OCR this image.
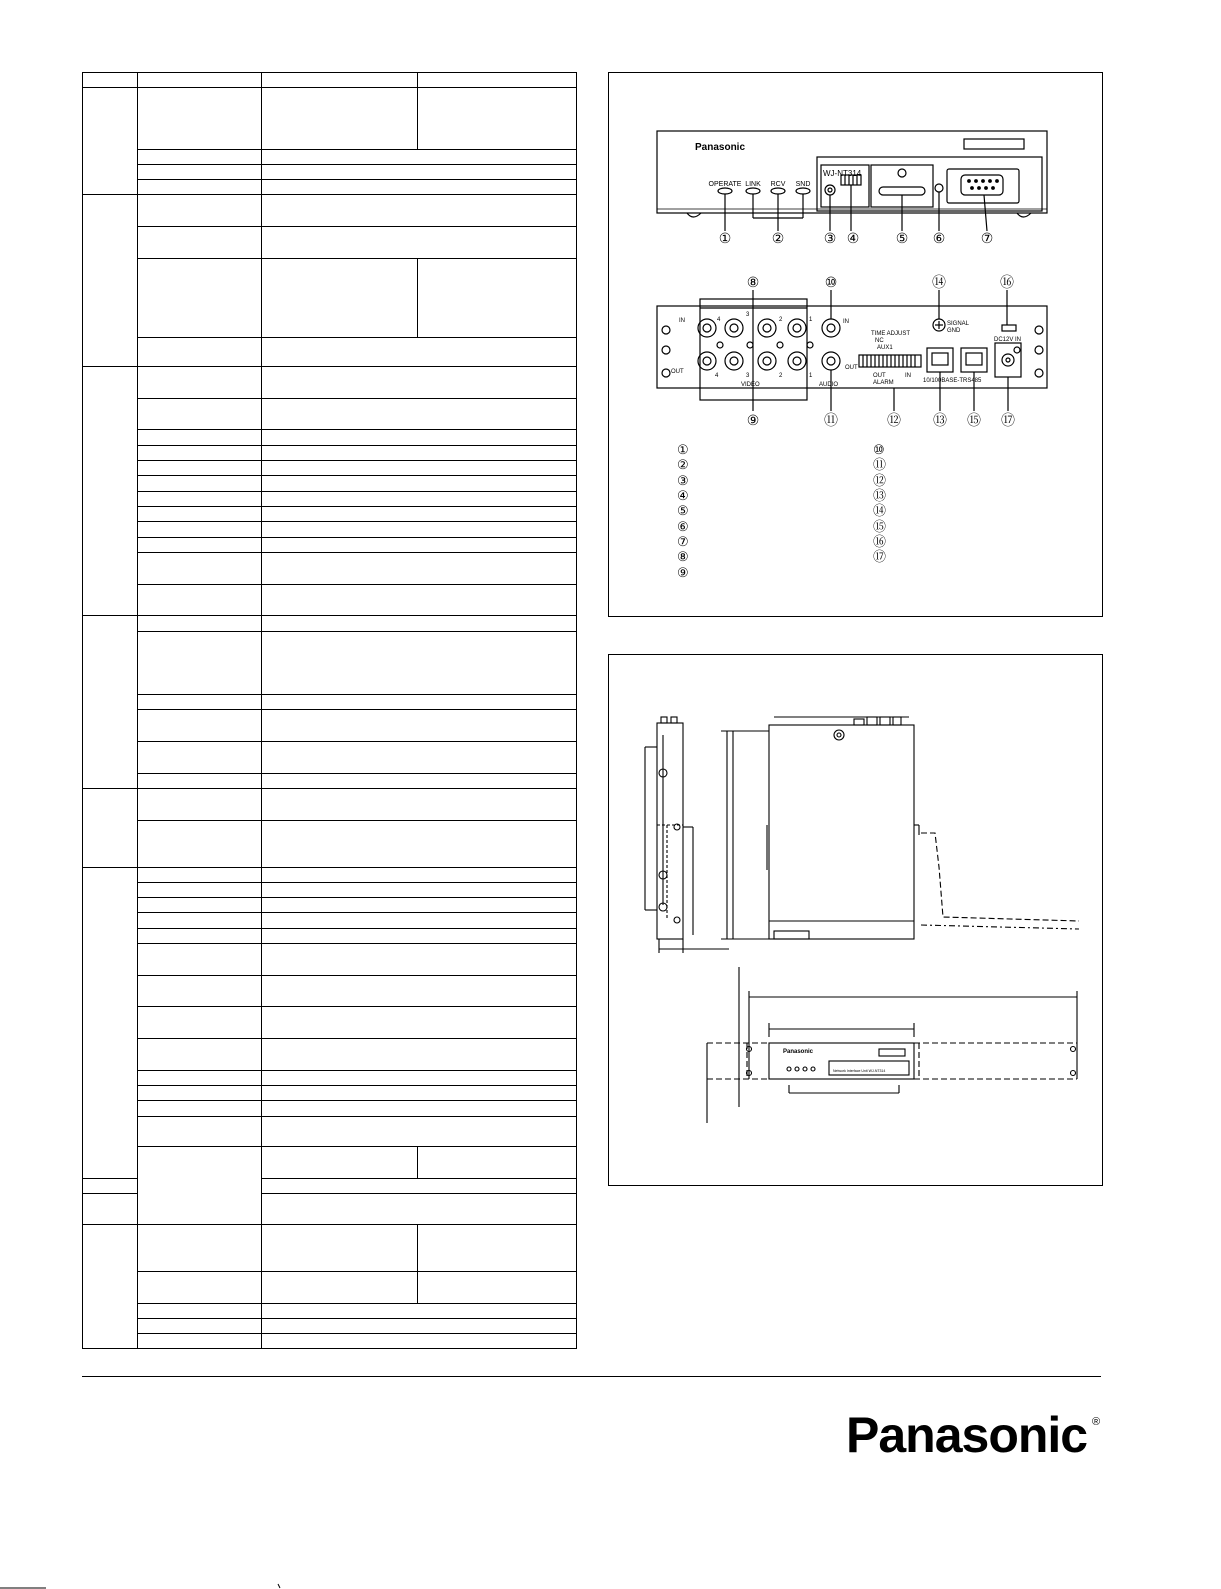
Panasonic
WJ-NT314
OPERATE LINK RCV SND
①	②	③ ④	⑤ ⑥	⑦
IN
OUT
IN
OUT
4
3
2	1
4	3	2	1
VIDEO	AUDIO
TIME ADJUST
NC
AUX1
OUT	IN
ALARM
SIGNAL
GND
10/100BASE-T RS485
DC12V IN
⑧
⑨
⑩
⑪	⑫ ⑬
⑭
⑮
⑯
⑰
①
②
③
④
⑤
⑥
⑦
⑧
⑨
⑩
⑪
⑫
⑬
⑭
⑮
⑯
⑰
Panasonic
Network Interface Unit WJ-NT314
Panasonic ®
